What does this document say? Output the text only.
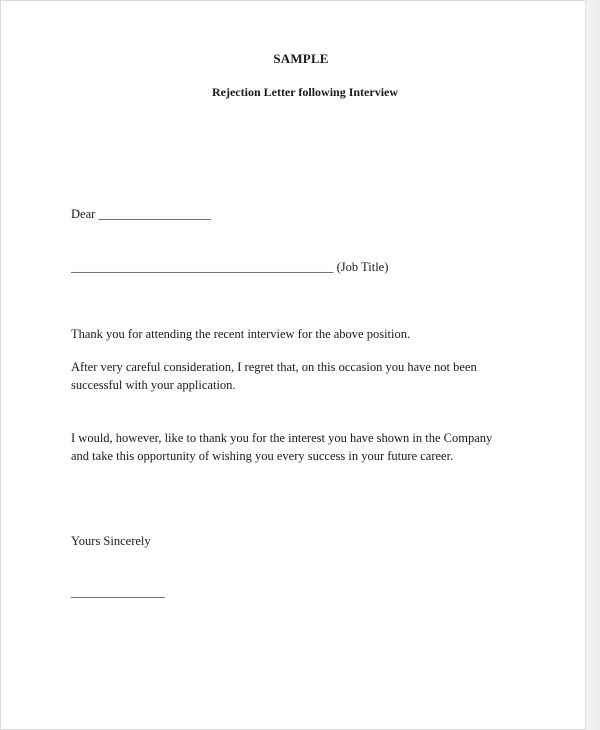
SAMPLE
Rejection Letter following Interview
Dear __________________
__________________________________________ (Job Title)
Thank you for attending the recent interview for the above position.
After very careful consideration, I regret that, on this occasion you have not been
successful with your application.
I would, however, like to thank you for the interest you have shown in the Company
and take this opportunity of wishing you every success in your future career.
Yours Sincerely
_______________
